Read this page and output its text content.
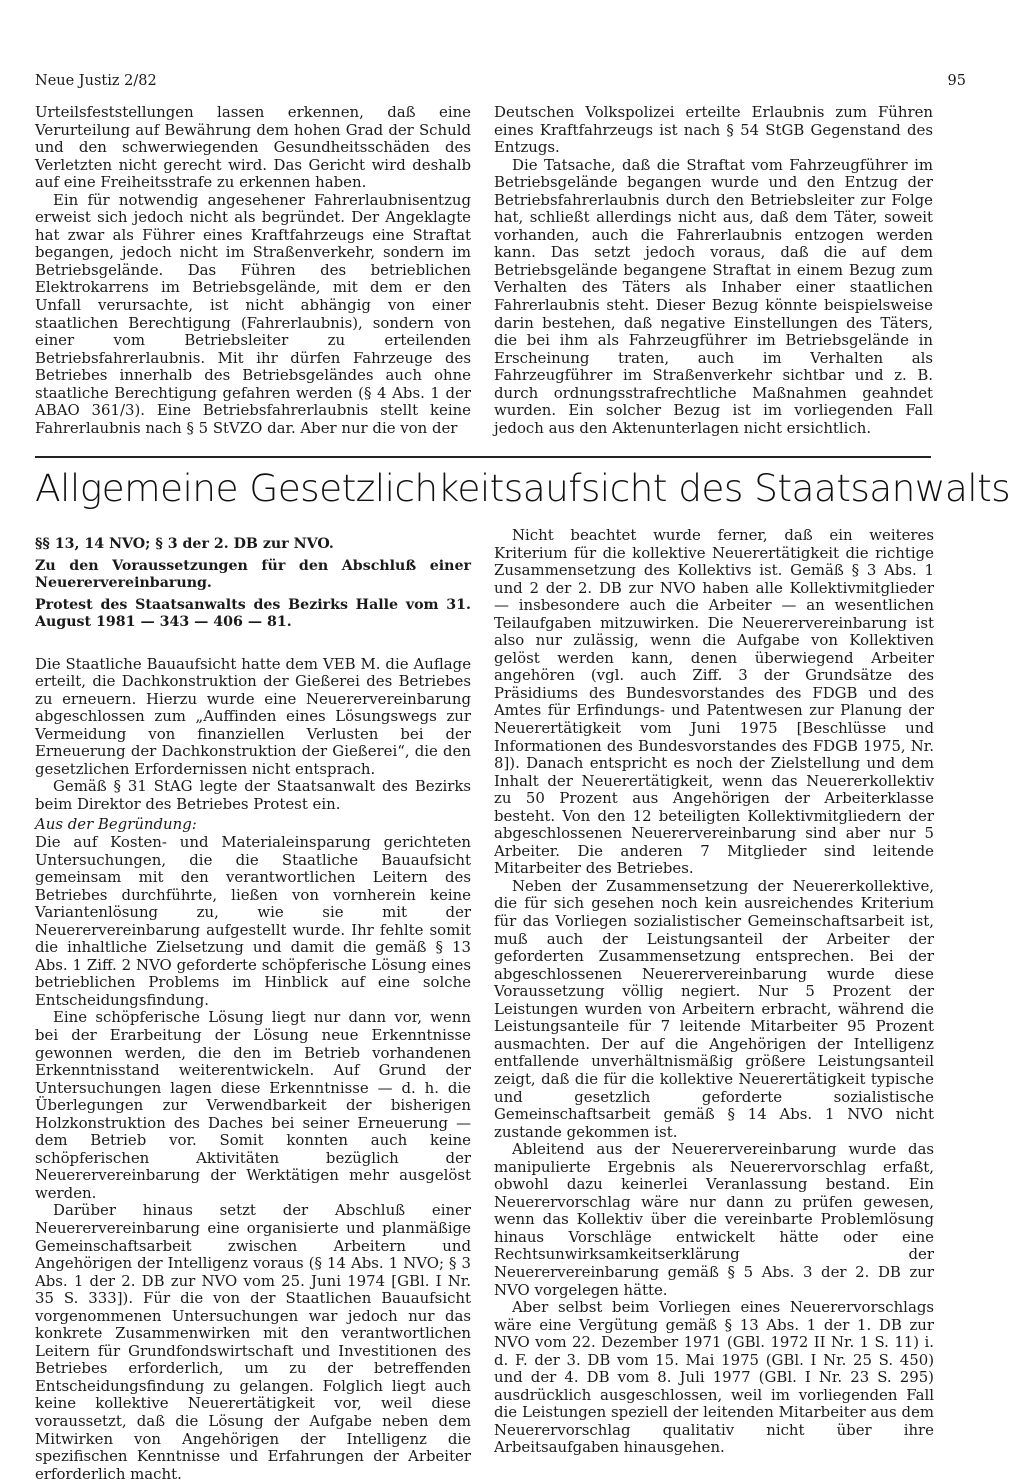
Neue Justiz 2/82	95

Urteilsfeststellungen lassen erkennen, daß eine Verurteilung auf Bewährung dem hohen Grad der Schuld und den schwerwiegenden Gesundheitsschäden des Verletzten nicht gerecht wird. Das Gericht wird deshalb auf eine Freiheitsstrafe zu erkennen haben.

Ein für notwendig angesehener Fahrerlaubnisentzug erweist sich jedoch nicht als begründet. Der Angeklagte hat zwar als Führer eines Kraftfahrzeugs eine Straftat begangen, jedoch nicht im Straßenverkehr, sondern im Betriebsgelände. Das Führen des betrieblichen Elektrokarrens im Betriebsgelände, mit dem er den Unfall verursachte, ist nicht abhängig von einer staatlichen Berechtigung (Fahrerlaubnis), sondern von einer vom Betriebsleiter zu erteilenden Betriebsfahrerlaubnis. Mit ihr dürfen Fahrzeuge des Betriebes innerhalb des Betriebsgeländes auch ohne staatliche Berechtigung gefahren werden (§ 4 Abs. 1 der ABAO 361/3). Eine Betriebsfahrerlaubnis stellt keine Fahrerlaubnis nach § 5 StVZO dar. Aber nur die von der

Deutschen Volkspolizei erteilte Erlaubnis zum Führen eines Kraftfahrzeugs ist nach § 54 StGB Gegenstand des Entzugs.

Die Tatsache, daß die Straftat vom Fahrzeugführer im Betriebsgelände begangen wurde und den Entzug der Betriebsfahrerlaubnis durch den Betriebsleiter zur Folge hat, schließt allerdings nicht aus, daß dem Täter, soweit vorhanden, auch die Fahrerlaubnis entzogen werden kann. Das setzt jedoch voraus, daß die auf dem Betriebsgelände begangene Straftat in einem Bezug zum Verhalten des Täters als Inhaber einer staatlichen Fahrerlaubnis steht. Dieser Bezug könnte beispielsweise darin bestehen, daß negative Einstellungen des Täters, die bei ihm als Fahrzeugführer im Betriebsgelände in Erscheinung traten, auch im Verhalten als Fahrzeugführer im Straßenverkehr sichtbar und z. B. durch ordnungsstrafrechtliche Maßnahmen geahndet wurden. Ein solcher Bezug ist im vorliegenden Fall jedoch aus den Aktenunterlagen nicht ersichtlich.

Allgemeine Gesetzlichkeitsaufsicht des Staatsanwalts

§§ 13, 14 NVO; § 3 der 2. DB zur NVO.

Zu den Voraussetzungen für den Abschluß einer Neuerervereinbarung.

Protest des Staatsanwalts des Bezirks Halle vom 31. August 1981 — 343 — 406 — 81.

Die Staatliche Bauaufsicht hatte dem VEB M. die Auflage erteilt, die Dachkonstruktion der Gießerei des Betriebes zu erneuern. Hierzu wurde eine Neuerervereinbarung abgeschlossen zum „Auffinden eines Lösungswegs zur Vermeidung von finanziellen Verlusten bei der Erneuerung der Dachkonstruktion der Gießerei“, die den gesetzlichen Erfordernissen nicht entsprach.

Gemäß § 31 StAG legte der Staatsanwalt des Bezirks beim Direktor des Betriebes Protest ein.

Aus der Begründung:

Die auf Kosten- und Materialeinsparung gerichteten Untersuchungen, die die Staatliche Bauaufsicht gemeinsam mit den verantwortlichen Leitern des Betriebes durchführte, ließen von vornherein keine Variantenlösung zu, wie sie mit der Neuerervereinbarung aufgestellt wurde. Ihr fehlte somit die inhaltliche Zielsetzung und damit die gemäß § 13 Abs. 1 Ziff. 2 NVO geforderte schöpferische Lösung eines betrieblichen Problems im Hinblick auf eine solche Entscheidungsfindung.

Eine schöpferische Lösung liegt nur dann vor, wenn bei der Erarbeitung der Lösung neue Erkenntnisse gewonnen werden, die den im Betrieb vorhandenen Erkenntnisstand weiterentwickeln. Auf Grund der Untersuchungen lagen diese Erkenntnisse — d. h. die Überlegungen zur Verwendbarkeit der bisherigen Holzkonstruktion des Daches bei seiner Erneuerung — dem Betrieb vor. Somit konnten auch keine schöpferischen Aktivitäten bezüglich der Neuerervereinbarung der Werktätigen mehr ausgelöst werden.

Darüber hinaus setzt der Abschluß einer Neuerervereinbarung eine organisierte und planmäßige Gemeinschaftsarbeit zwischen Arbeitern und Angehörigen der Intelligenz voraus (§ 14 Abs. 1 NVO; § 3 Abs. 1 der 2. DB zur NVO vom 25. Juni 1974 [GBl. I Nr. 35 S. 333]). Für die von der Staatlichen Bauaufsicht vorgenommenen Untersuchungen war jedoch nur das konkrete Zusammenwirken mit den verantwortlichen Leitern für Grundfondswirtschaft und Investitionen des Betriebes erforderlich, um zu der betreffenden Entscheidungsfindung zu gelangen. Folglich liegt auch keine kollektive Neuerertätigkeit vor, weil diese voraussetzt, daß die Lösung der Aufgabe neben dem Mitwirken von Angehörigen der Intelligenz die spezifischen Kenntnisse und Erfahrungen der Arbeiter erforderlich macht.

Nicht beachtet wurde ferner, daß ein weiteres Kriterium für die kollektive Neuerertätigkeit die richtige Zusammensetzung des Kollektivs ist. Gemäß § 3 Abs. 1 und 2 der 2. DB zur NVO haben alle Kollektivmitglieder — insbesondere auch die Arbeiter — an wesentlichen Teilaufgaben mitzuwirken. Die Neuerervereinbarung ist also nur zulässig, wenn die Aufgabe von Kollektiven gelöst werden kann, denen überwiegend Arbeiter angehören (vgl. auch Ziff. 3 der Grundsätze des Präsidiums des Bundesvorstandes des FDGB und des Amtes für Erfindungs- und Patentwesen zur Planung der Neuerertätigkeit vom Juni 1975 [Beschlüsse und Informationen des Bundesvorstandes des FDGB 1975, Nr. 8]). Danach entspricht es noch der Zielstellung und dem Inhalt der Neuerertätigkeit, wenn das Neuererkollektiv zu 50 Prozent aus Angehörigen der Arbeiterklasse besteht. Von den 12 beteiligten Kollektivmitgliedern der abgeschlossenen Neuerervereinbarung sind aber nur 5 Arbeiter. Die anderen 7 Mitglieder sind leitende Mitarbeiter des Betriebes.

Neben der Zusammensetzung der Neuererkollektive, die für sich gesehen noch kein ausreichendes Kriterium für das Vorliegen sozialistischer Gemeinschaftsarbeit ist, muß auch der Leistungsanteil der Arbeiter der geforderten Zusammensetzung entsprechen. Bei der abgeschlossenen Neuerervereinbarung wurde diese Voraussetzung völlig negiert. Nur 5 Prozent der Leistungen wurden von Arbeitern erbracht, während die Leistungsanteile für 7 leitende Mitarbeiter 95 Prozent ausmachten. Der auf die Angehörigen der Intelligenz entfallende unverhältnismäßig größere Leistungsanteil zeigt, daß die für die kollektive Neuerertätigkeit typische und gesetzlich geforderte sozialistische Gemeinschaftsarbeit gemäß § 14 Abs. 1 NVO nicht zustande gekommen ist.

Ableitend aus der Neuerervereinbarung wurde das manipulierte Ergebnis als Neuerervorschlag erfaßt, obwohl dazu keinerlei Veranlassung bestand. Ein Neuerervorschlag wäre nur dann zu prüfen gewesen, wenn das Kollektiv über die vereinbarte Problemlösung hinaus Vorschläge entwickelt hätte oder eine Rechtsunwirksamkeitserklärung der Neuerervereinbarung gemäß § 5 Abs. 3 der 2. DB zur NVO vorgelegen hätte.

Aber selbst beim Vorliegen eines Neuerervorschlags wäre eine Vergütung gemäß § 13 Abs. 1 der 1. DB zur NVO vom 22. Dezember 1971 (GBl. 1972 II Nr. 1 S. 11) i. d. F. der 3. DB vom 15. Mai 1975 (GBl. I Nr. 25 S. 450) und der 4. DB vom 8. Juli 1977 (GBl. I Nr. 23 S. 295) ausdrücklich ausgeschlossen, weil im vorliegenden Fall die Leistungen speziell der leitenden Mitarbeiter aus dem Neuerervorschlag qualitativ nicht über ihre Arbeitsaufgaben hinausgehen.
